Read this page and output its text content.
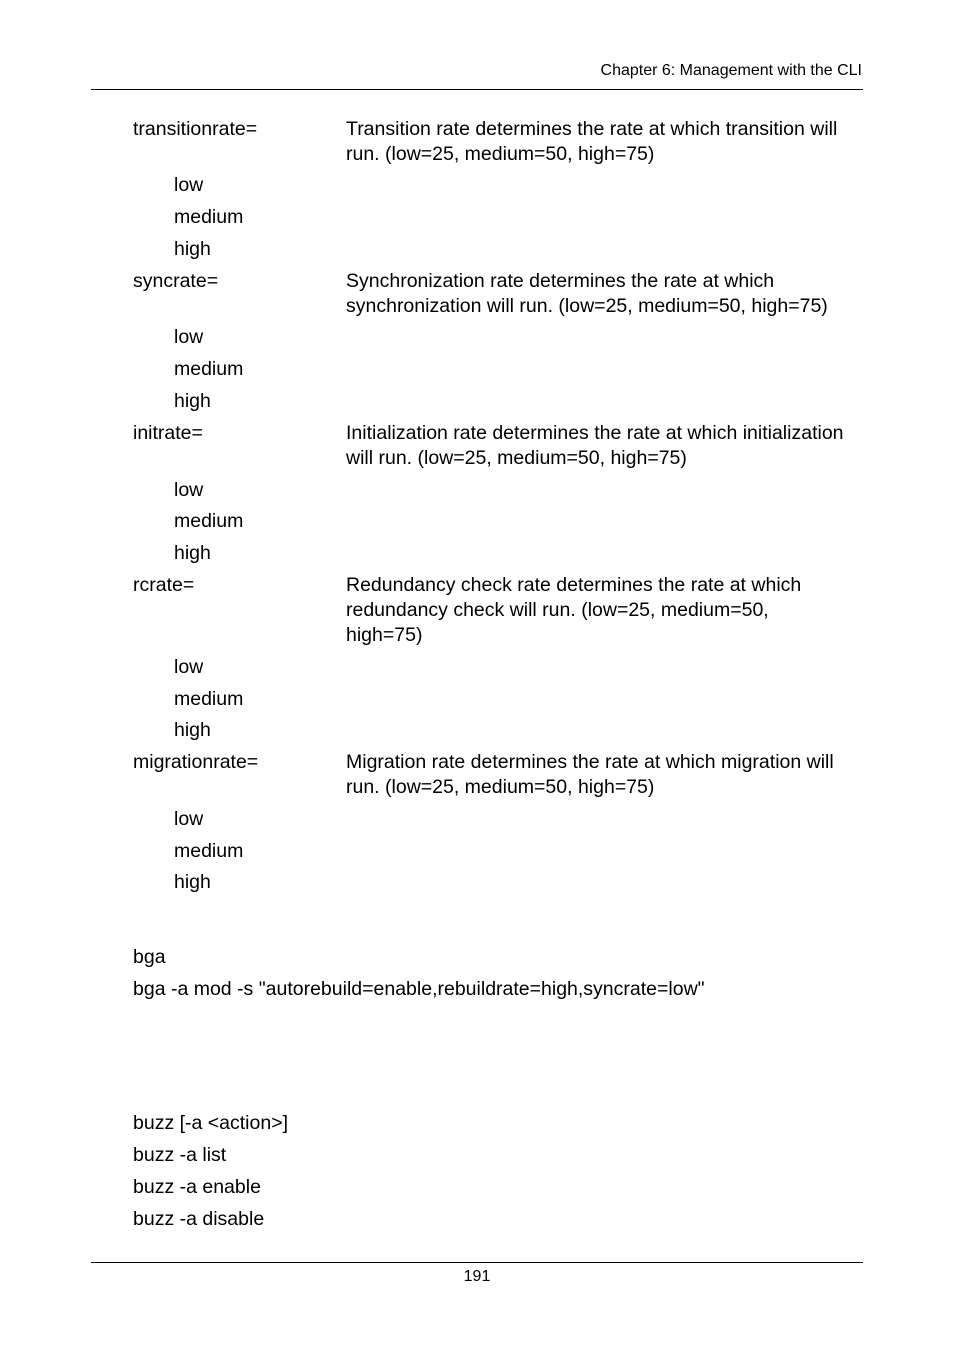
Chapter 6: Management with the CLI
transitionrate=	Transition rate determines the rate at which transition will run. (low=25, medium=50, high=75)
low
medium
high
syncrate=	Synchronization rate determines the rate at which synchronization will run. (low=25, medium=50, high=75)
low
medium
high
initrate=	Initialization rate determines the rate at which initialization will run. (low=25, medium=50, high=75)
low
medium
high
rcrate=	Redundancy check rate determines the rate at which redundancy check will run. (low=25, medium=50, high=75)
low
medium
high
migrationrate=	Migration rate determines the rate at which migration will run. (low=25, medium=50, high=75)
low
medium
high
bga
bga -a mod -s "autorebuild=enable,rebuildrate=high,syncrate=low"
buzz [-a <action>]
buzz -a list
buzz -a enable
buzz -a disable
191
